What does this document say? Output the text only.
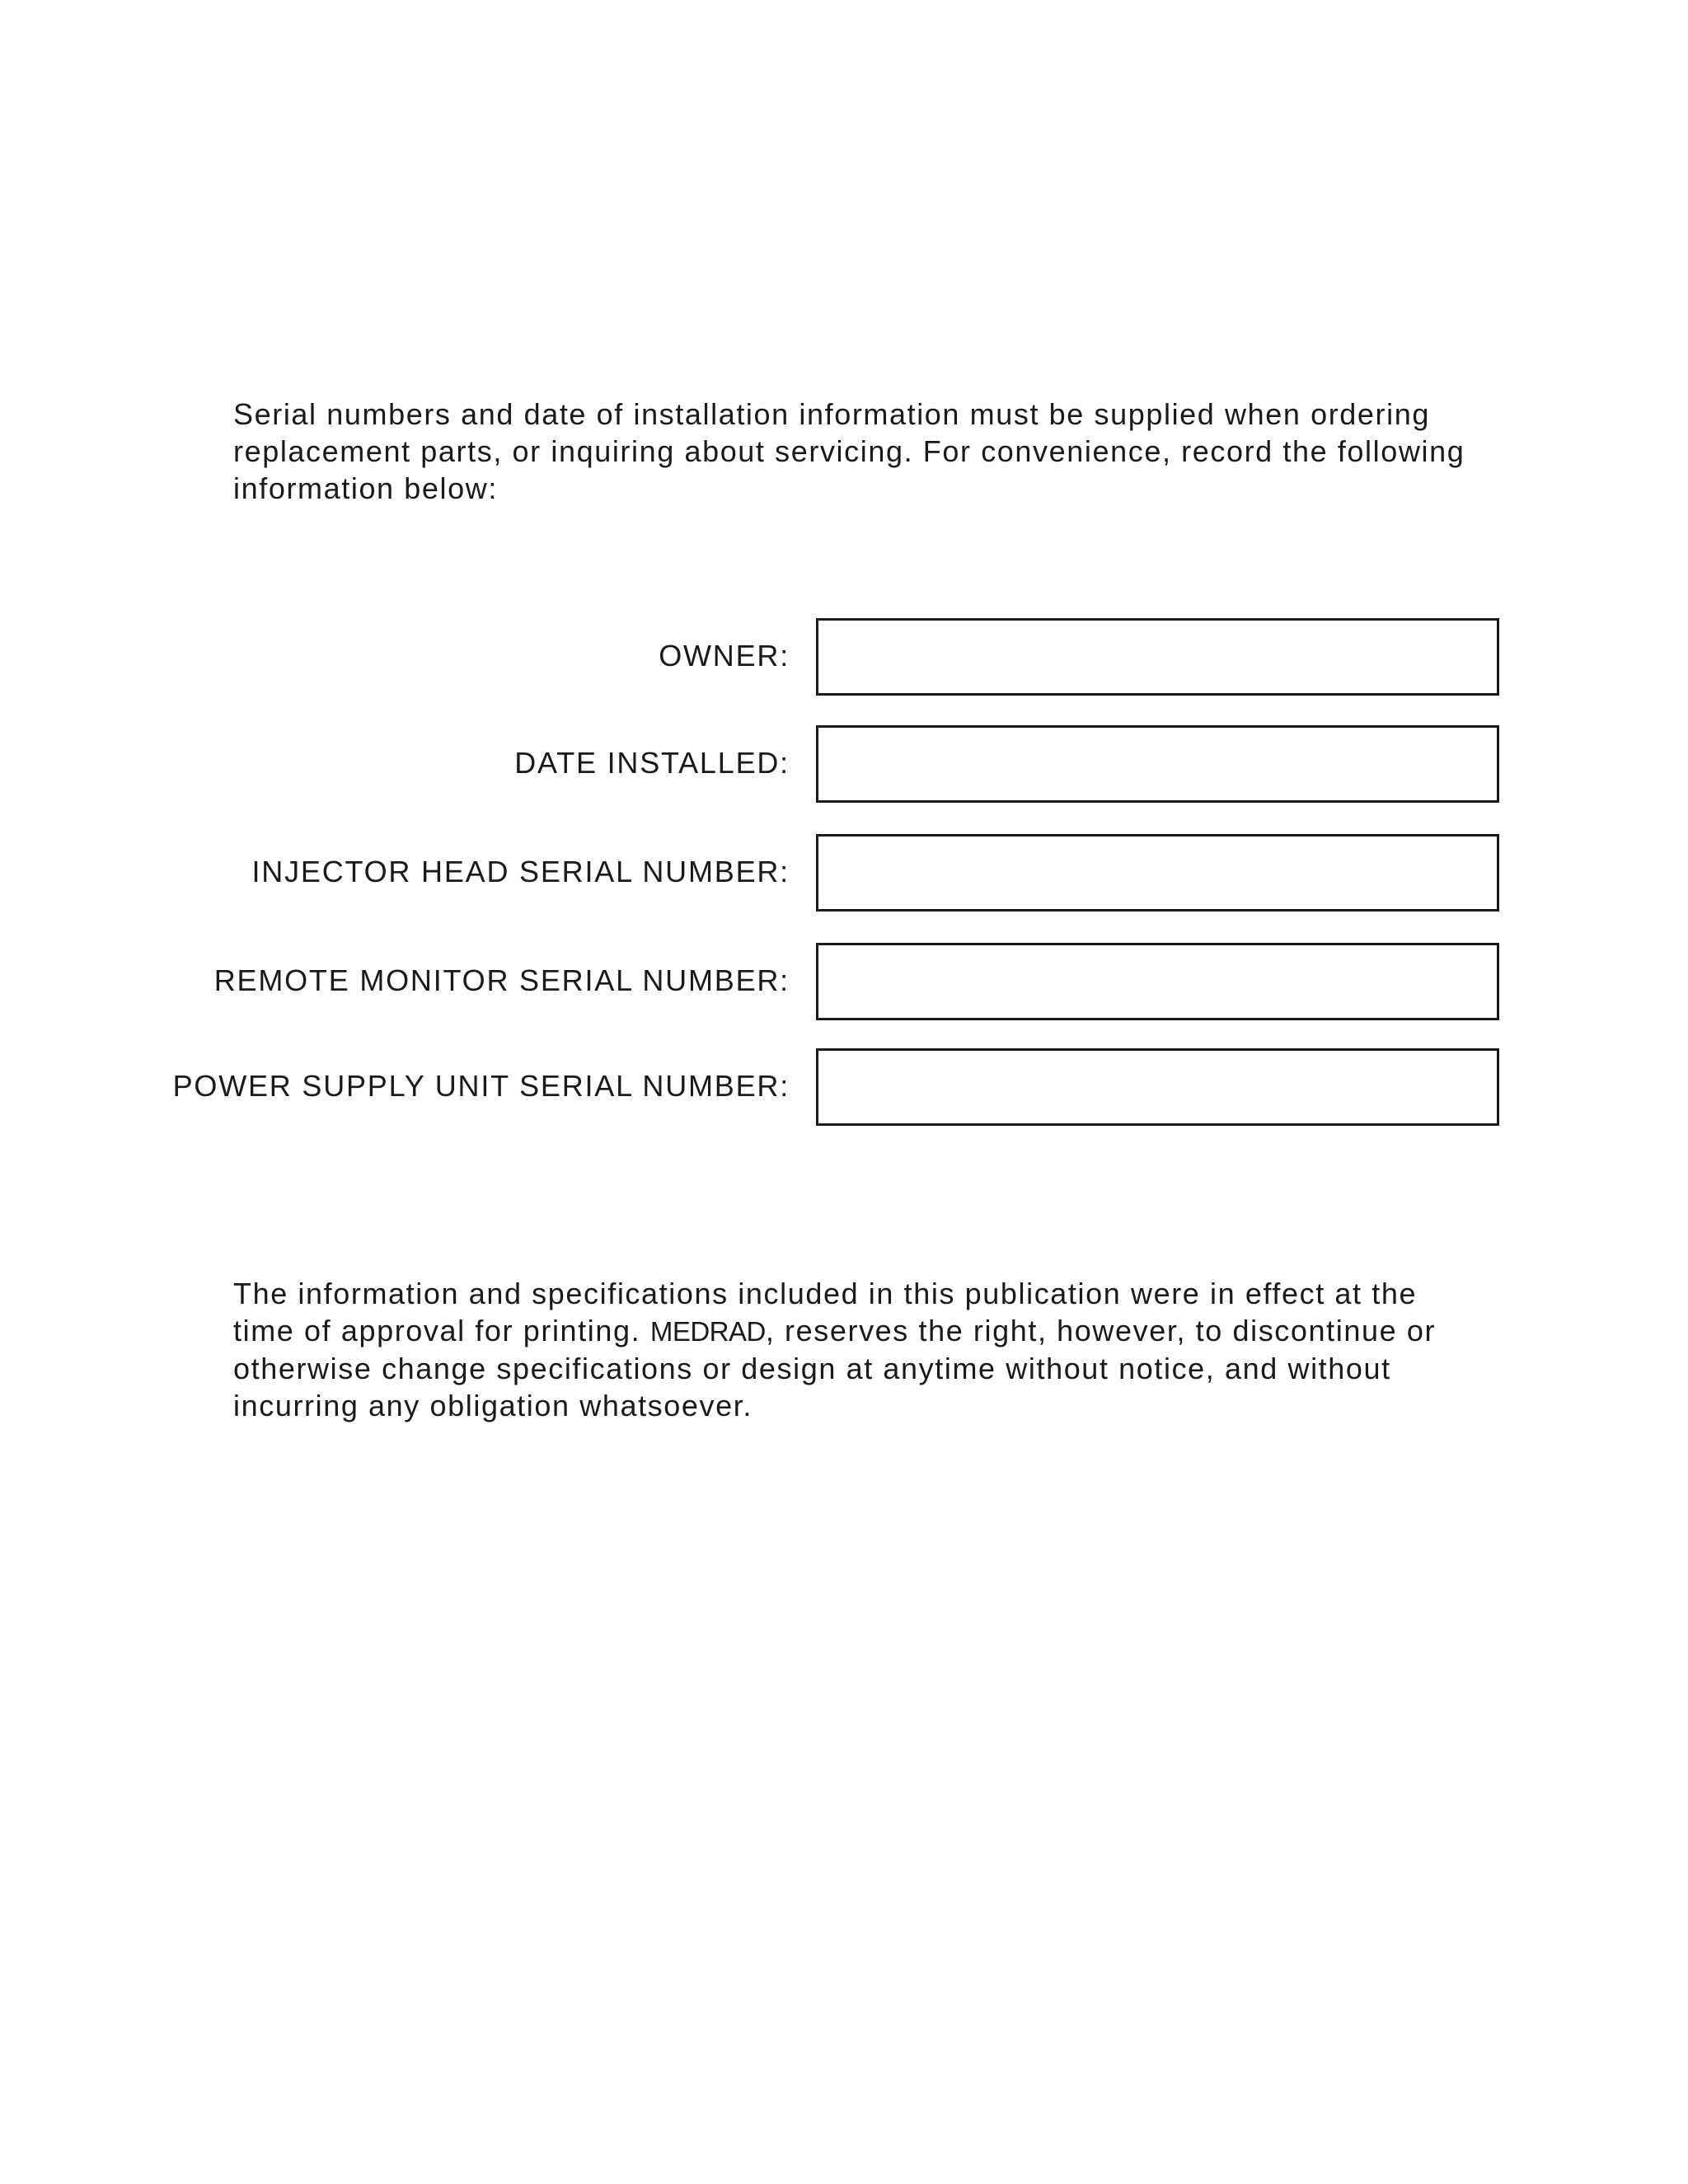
Serial numbers and date of installation information must be supplied when ordering
replacement parts, or inquiring about servicing. For convenience, record the following
information below:

OWNER:
DATE INSTALLED:
INJECTOR HEAD SERIAL NUMBER:
REMOTE MONITOR SERIAL NUMBER:
POWER SUPPLY UNIT SERIAL NUMBER:

The information and specifications included in this publication were in effect at the
time of approval for printing. MEDRAD, reserves the right, however, to discontinue or
otherwise change specifications or design at anytime without notice, and without
incurring any obligation whatsoever.
